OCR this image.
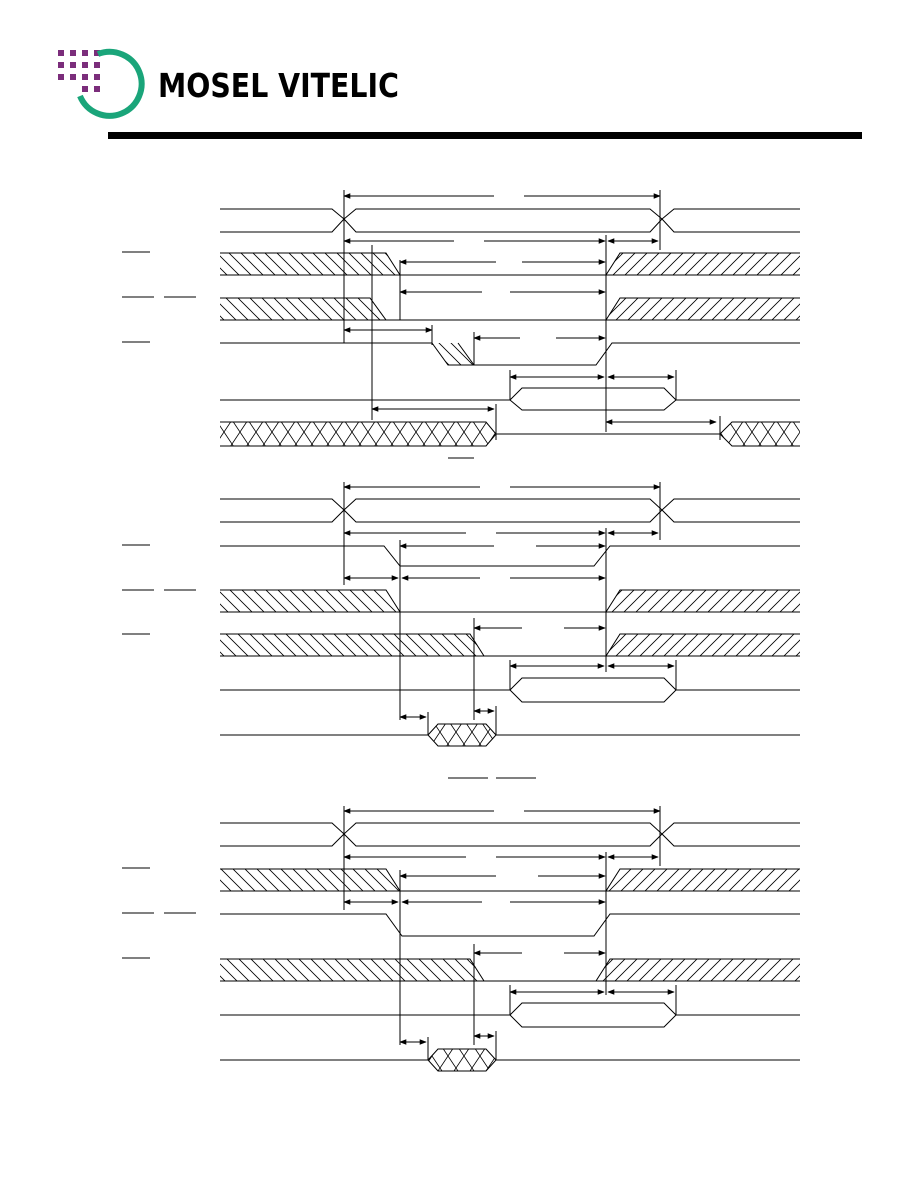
MOSEL VITELIC
